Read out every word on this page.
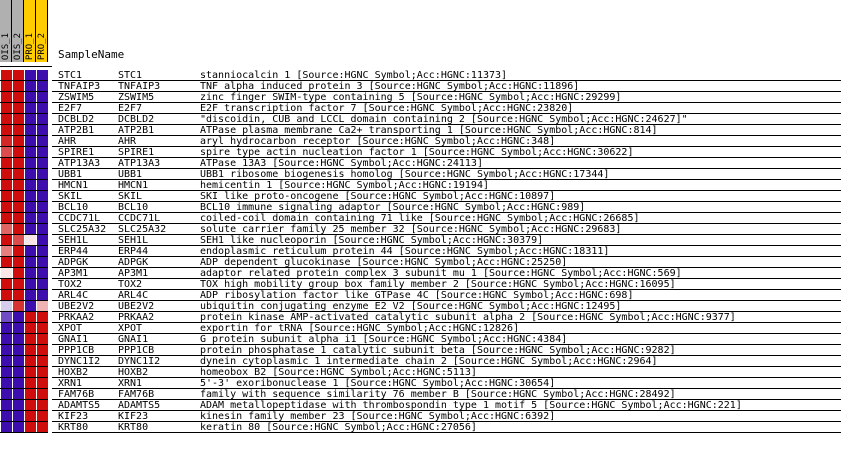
OIS_1 OIS_2 PRO_1 PRO_2 SampleName
STC1	STC1	stanniocalcin 1 [Source:HGNC Symbol;Acc:HGNC:11373]
TNFAIP3 TNFAIP3	TNF alpha induced protein 3 [Source:HGNC Symbol;Acc:HGNC:11896]
ZSWIM5 ZSWIM5	zinc finger SWIM-type containing 5 [Source:HGNC Symbol;Acc:HGNC:29299]
E2F7	E2F7	E2F transcription factor 7 [Source:HGNC Symbol;Acc:HGNC:23820]
DCBLD2 DCBLD2	"discoidin, CUB and LCCL domain containing 2 [Source:HGNC Symbol;Acc:HGNC:24627]"
ATP2B1 ATP2B1	ATPase plasma membrane Ca2+ transporting 1 [Source:HGNC Symbol;Acc:HGNC:814]
AHR	AHR	aryl hydrocarbon receptor [Source:HGNC Symbol;Acc:HGNC:348]
SPIRE1 SPIRE1	spire type actin nucleation factor 1 [Source:HGNC Symbol;Acc:HGNC:30622]
ATP13A3 ATP13A3	ATPase 13A3 [Source:HGNC Symbol;Acc:HGNC:24113]
UBB1	UBB1	UBB1 ribosome biogenesis homolog [Source:HGNC Symbol;Acc:HGNC:17344]
HMCN1	HMCN1	hemicentin 1 [Source:HGNC Symbol;Acc:HGNC:19194]
SKIL	SKIL	SKI like proto-oncogene [Source:HGNC Symbol;Acc:HGNC:10897]
BCL10	BCL10	BCL10 immune signaling adaptor [Source:HGNC Symbol;Acc:HGNC:989]
CCDC71L CCDC71L	coiled-coil domain containing 71 like [Source:HGNC Symbol;Acc:HGNC:26685]
SLC25A32 SLC25A32	solute carrier family 25 member 32 [Source:HGNC Symbol;Acc:HGNC:29683]
SEH1L	SEH1L	SEH1 like nucleoporin [Source:HGNC Symbol;Acc:HGNC:30379]
ERP44	ERP44	endoplasmic reticulum protein 44 [Source:HGNC Symbol;Acc:HGNC:18311]
ADPGK	ADPGK	ADP dependent glucokinase [Source:HGNC Symbol;Acc:HGNC:25250]
AP3M1	AP3M1	adaptor related protein complex 3 subunit mu 1 [Source:HGNC Symbol;Acc:HGNC:569]
TOX2	TOX2	TOX high mobility group box family member 2 [Source:HGNC Symbol;Acc:HGNC:16095]
ARL4C	ARL4C	ADP ribosylation factor like GTPase 4C [Source:HGNC Symbol;Acc:HGNC:698]
UBE2V2 UBE2V2	ubiquitin conjugating enzyme E2 V2 [Source:HGNC Symbol;Acc:HGNC:12495]
PRKAA2 PRKAA2	protein kinase AMP-activated catalytic subunit alpha 2 [Source:HGNC Symbol;Acc:HGNC:9377]
XPOT	XPOT	exportin for tRNA [Source:HGNC Symbol;Acc:HGNC:12826]
GNAI1	GNAI1	G protein subunit alpha i1 [Source:HGNC Symbol;Acc:HGNC:4384]
PPP1CB PPP1CB	protein phosphatase 1 catalytic subunit beta [Source:HGNC Symbol;Acc:HGNC:9282]
DYNC1I2 DYNC1I2	dynein cytoplasmic 1 intermediate chain 2 [Source:HGNC Symbol;Acc:HGNC:2964]
HOXB2	HOXB2	homeobox B2 [Source:HGNC Symbol;Acc:HGNC:5113]
XRN1	XRN1	5'-3' exoribonuclease 1 [Source:HGNC Symbol;Acc:HGNC:30654]
FAM76B FAM76B	family with sequence similarity 76 member B [Source:HGNC Symbol;Acc:HGNC:28492]
ADAMTS5 ADAMTS5	ADAM metallopeptidase with thrombospondin type 1 motif 5 [Source:HGNC Symbol;Acc:HGNC:221]
KIF23	KIF23	kinesin family member 23 [Source:HGNC Symbol;Acc:HGNC:6392]
KRT80	KRT80	keratin 80 [Source:HGNC Symbol;Acc:HGNC:27056]
